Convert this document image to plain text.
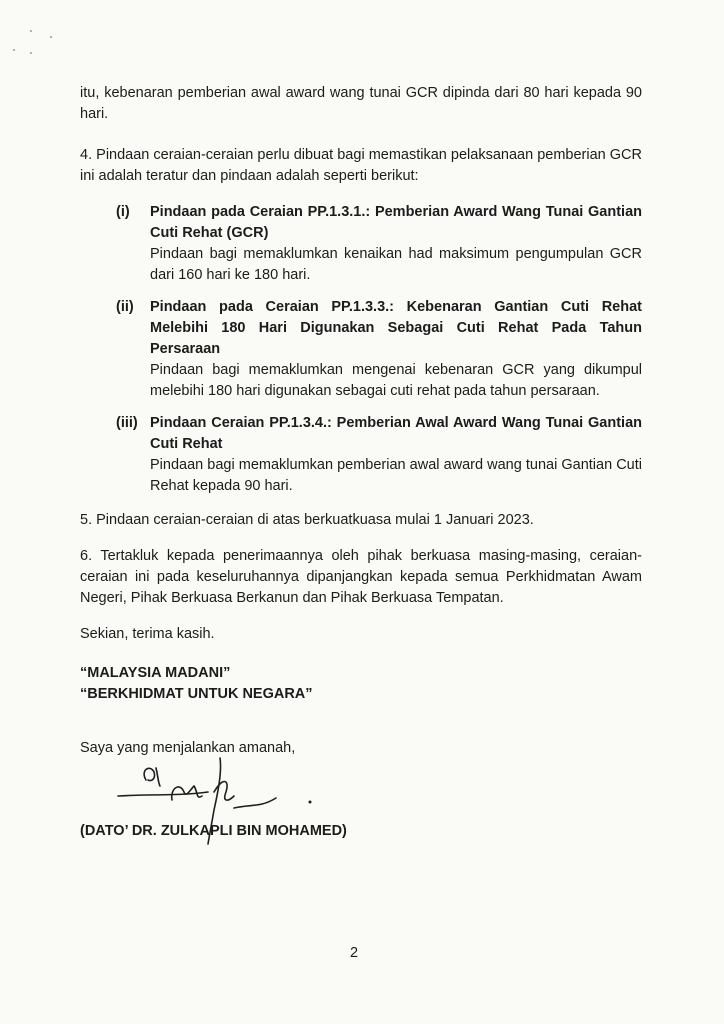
itu, kebenaran pemberian awal award wang tunai GCR dipinda dari 80 hari kepada 90 hari.
4. Pindaan ceraian-ceraian perlu dibuat bagi memastikan pelaksanaan pemberian GCR ini adalah teratur dan pindaan adalah seperti berikut:
(i) Pindaan pada Ceraian PP.1.3.1.: Pemberian Award Wang Tunai Gantian Cuti Rehat (GCR)
Pindaan bagi memaklumkan kenaikan had maksimum pengumpulan GCR dari 160 hari ke 180 hari.
(ii) Pindaan pada Ceraian PP.1.3.3.: Kebenaran Gantian Cuti Rehat Melebihi 180 Hari Digunakan Sebagai Cuti Rehat Pada Tahun Persaraan
Pindaan bagi memaklumkan mengenai kebenaran GCR yang dikumpul melebihi 180 hari digunakan sebagai cuti rehat pada tahun persaraan.
(iii) Pindaan Ceraian PP.1.3.4.: Pemberian Awal Award Wang Tunai Gantian Cuti Rehat
Pindaan bagi memaklumkan pemberian awal award wang tunai Gantian Cuti Rehat kepada 90 hari.
5. Pindaan ceraian-ceraian di atas berkuatkuasa mulai 1 Januari 2023.
6. Tertakluk kepada penerimaannya oleh pihak berkuasa masing-masing, ceraian-ceraian ini pada keseluruhannya dipanjangkan kepada semua Perkhidmatan Awam Negeri, Pihak Berkuasa Berkanun dan Pihak Berkuasa Tempatan.
Sekian, terima kasih.
“MALAYSIA MADANI”
“BERKHIDMAT UNTUK NEGARA”
Saya yang menjalankan amanah,
(DATO’ DR. ZULKAPLI BIN MOHAMED)
2
